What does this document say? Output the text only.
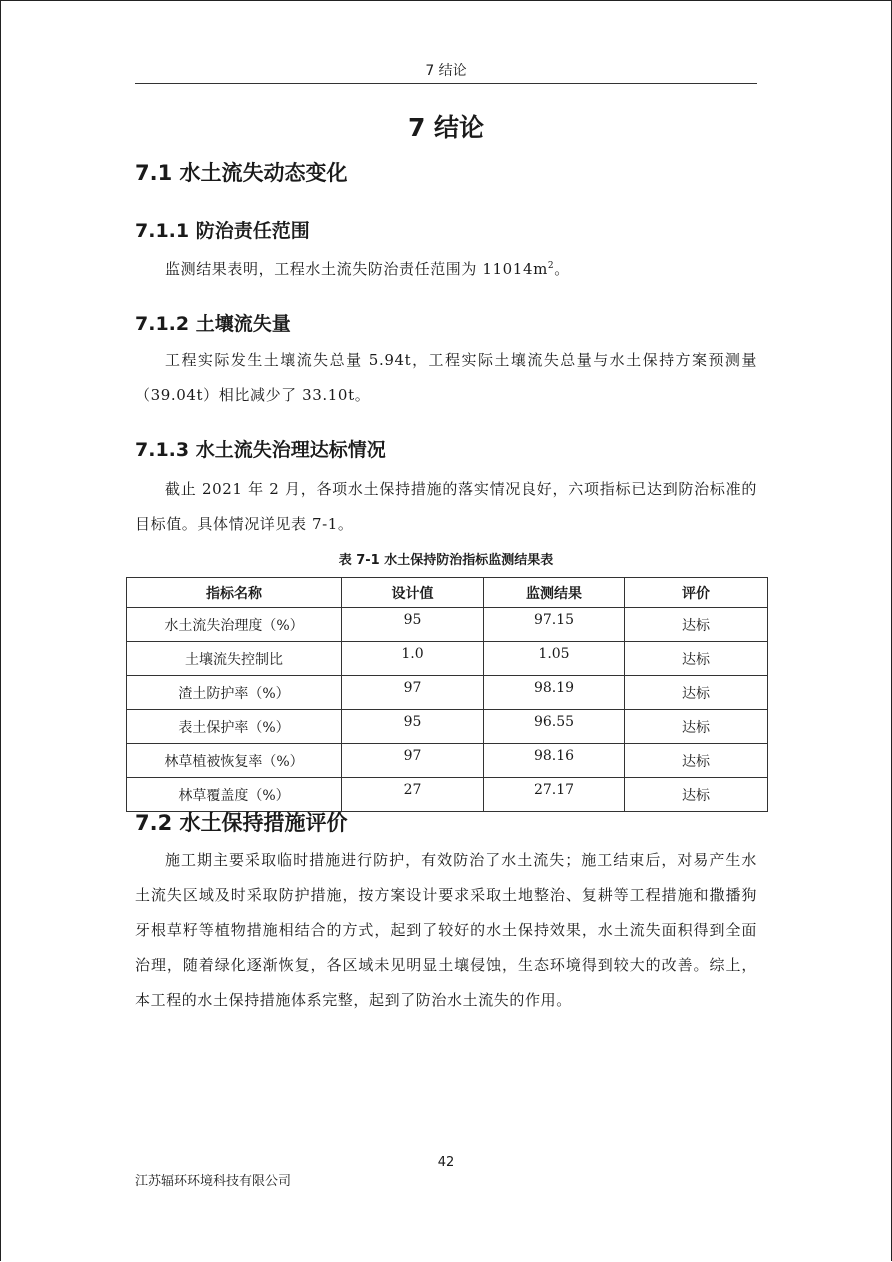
7 结论
7 结论
7.1 水土流失动态变化
7.1.1 防治责任范围
监测结果表明，工程水土流失防治责任范围为 $11014m^2$。
7.1.2 土壤流失量
工程实际发生土壤流失总量 5.94t，工程实际土壤流失总量与水土保持方案预测量（39.04t）相比减少了 33.10t。
7.1.3 水土流失治理达标情况
截止 2021 年 2 月，各项水土保持措施的落实情况良好，六项指标已达到防治标准的目标值。具体情况详见表 7-1。
表 7-1 水土保持防治指标监测结果表
指标名称	设计值	监测结果	评价
水土流失治理度（%）	95	97.15	达标
土壤流失控制比	1.0	1.05	达标
渣土防护率（%）	97	98.19	达标
表土保护率（%）	95	96.55	达标
林草植被恢复率（%）	97	98.16	达标
林草覆盖度（%）	27	27.17	达标
7.2 水土保持措施评价
施工期主要采取临时措施进行防护，有效防治了水土流失；施工结束后，对易产生水土流失区域及时采取防护措施，按方案设计要求采取土地整治、复耕等工程措施和撒播狗牙根草籽等植物措施相结合的方式，起到了较好的水土保持效果，水土流失面积得到全面治理，随着绿化逐渐恢复，各区域未见明显土壤侵蚀，生态环境得到较大的改善。综上，本工程的水土保持措施体系完整，起到了防治水土流失的作用。
42
江苏辐环环境科技有限公司
